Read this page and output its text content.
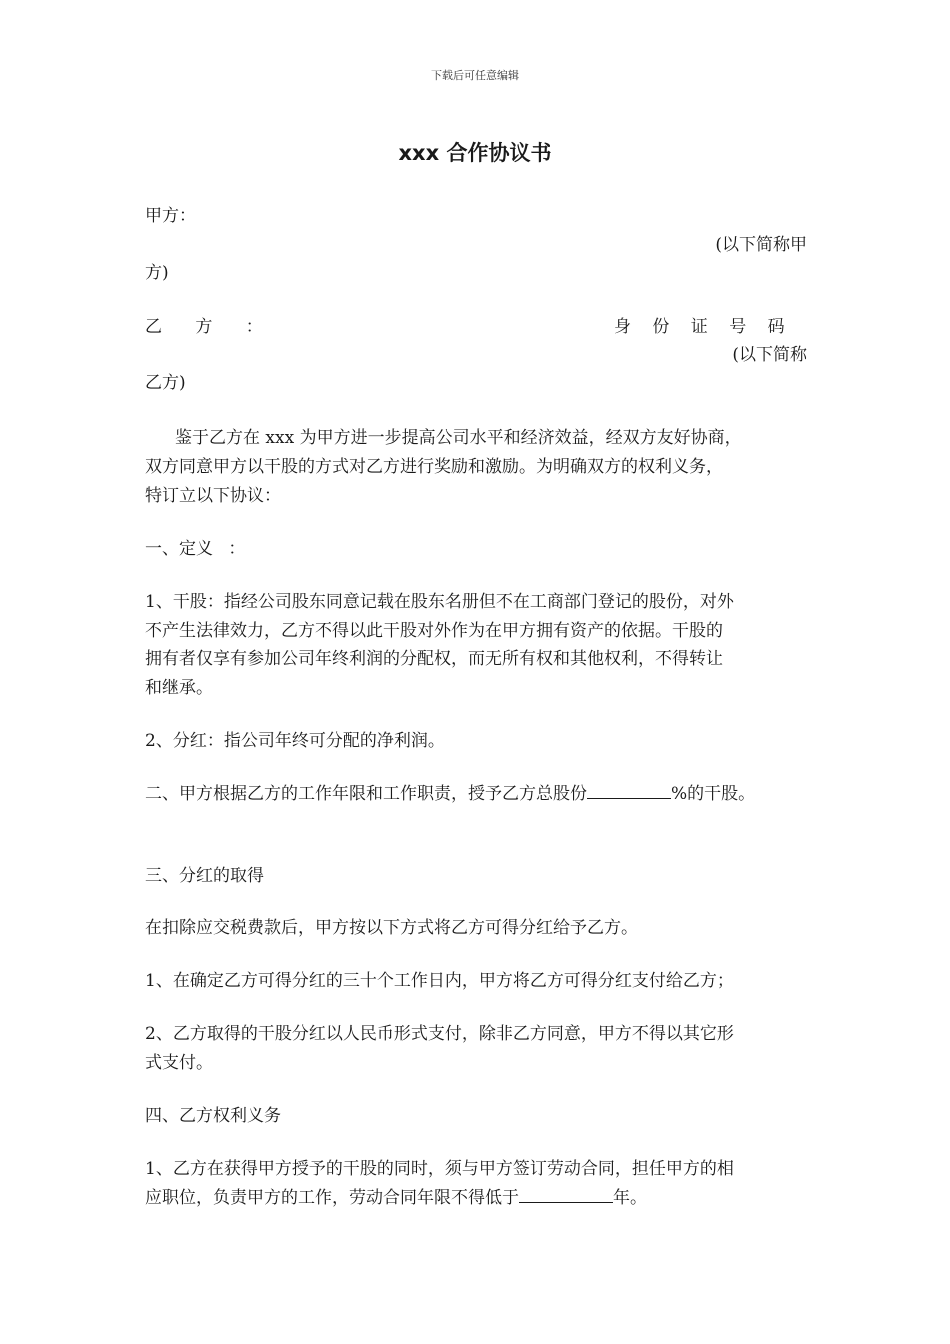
下载后可任意编辑
xxx 合作协议书
甲方：
(以下简称甲
方)
乙 方 ：	身 份 证 号 码
(以下简称
乙方)
鉴于乙方在 xxx 为甲方进一步提高公司水平和经济效益，经双方友好协商，
双方同意甲方以干股的方式对乙方进行奖励和激励。为明确双方的权利义务，
特订立以下协议：
一、定义 ：
1、干股：指经公司股东同意记载在股东名册但不在工商部门登记的股份，对外
不产生法律效力，乙方不得以此干股对外作为在甲方拥有资产的依据。干股的
拥有者仅享有参加公司年终利润的分配权，而无所有权和其他权利，不得转让
和继承。
2、分红：指公司年终可分配的净利润。
二、甲方根据乙方的工作年限和工作职责，授予乙方总股份	%的干股。
三、分红的取得
在扣除应交税费款后，甲方按以下方式将乙方可得分红给予乙方。
1、在确定乙方可得分红的三十个工作日内，甲方将乙方可得分红支付给乙方；
2、乙方取得的干股分红以人民币形式支付，除非乙方同意，甲方不得以其它形
式支付。
四、乙方权利义务
1、乙方在获得甲方授予的干股的同时，须与甲方签订劳动合同，担任甲方的相
应职位，负责甲方的工作，劳动合同年限不得低于	年。
